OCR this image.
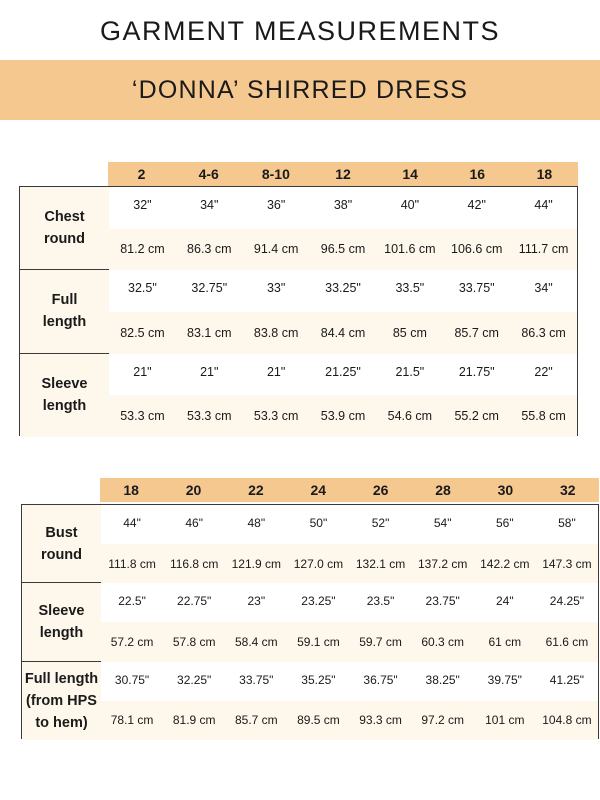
GARMENT MEASUREMENTS
‘DONNA’ SHIRRED DRESS
2	4-6	8-10	12	14	16	18
Chest
round
32"	34"	36"	38"	40"	42"	44"
81.2 cm	86.3 cm	91.4 cm	96.5 cm	101.6 cm	106.6 cm	111.7 cm
Full
length
32.5"	32.75"	33"	33.25"	33.5"	33.75"	34"
82.5 cm	83.1 cm	83.8 cm	84.4 cm	85 cm	85.7 cm	86.3 cm
Sleeve
length
21"	21"	21"	21.25"	21.5"	21.75"	22"
53.3 cm	53.3 cm	53.3 cm	53.9 cm	54.6 cm	55.2 cm	55.8 cm
18	20	22	24	26	28	30	32
Bust
round
44"	46"	48"	50"	52"	54"	56"	58"
111.8 cm	116.8 cm	121.9 cm	127.0 cm	132.1 cm	137.2 cm	142.2 cm	147.3 cm
Sleeve
length
22.5"	22.75"	23"	23.25"	23.5"	23.75"	24"	24.25"
57.2 cm	57.8 cm	58.4 cm	59.1 cm	59.7 cm	60.3 cm	61 cm	61.6 cm
Full length
(from HPS
to hem)
30.75"	32.25"	33.75"	35.25"	36.75"	38.25"	39.75"	41.25"
78.1 cm	81.9 cm	85.7 cm	89.5 cm	93.3 cm	97.2 cm	101 cm	104.8 cm
